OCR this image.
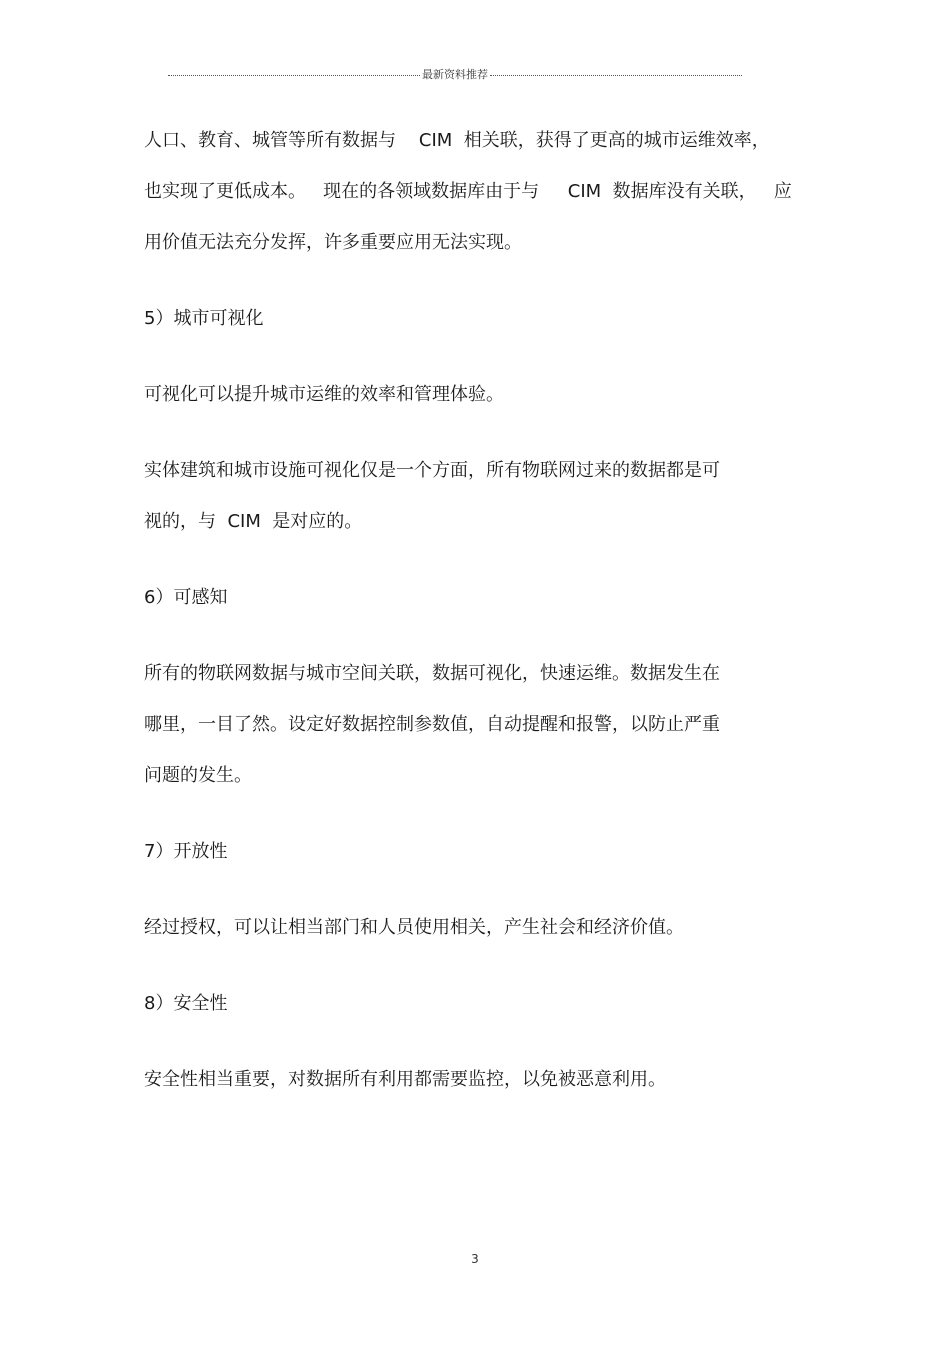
最新资料推荐
人口、教育、城管等所有数据与    CIM  相关联，获得了更高的城市运维效率，
也实现了更低成本。   现在的各领域数据库由于与     CIM  数据库没有关联，   应
用价值无法充分发挥，许多重要应用无法实现。
5）城市可视化
可视化可以提升城市运维的效率和管理体验。
实体建筑和城市设施可视化仅是一个方面，所有物联网过来的数据都是可
视的，与  CIM  是对应的。
6）可感知
所有的物联网数据与城市空间关联，数据可视化，快速运维。数据发生在
哪里，一目了然。设定好数据控制参数值，自动提醒和报警，以防止严重
问题的发生。
7）开放性
经过授权，可以让相当部门和人员使用相关，产生社会和经济价值。
8）安全性
安全性相当重要，对数据所有利用都需要监控，以免被恶意利用。
3
